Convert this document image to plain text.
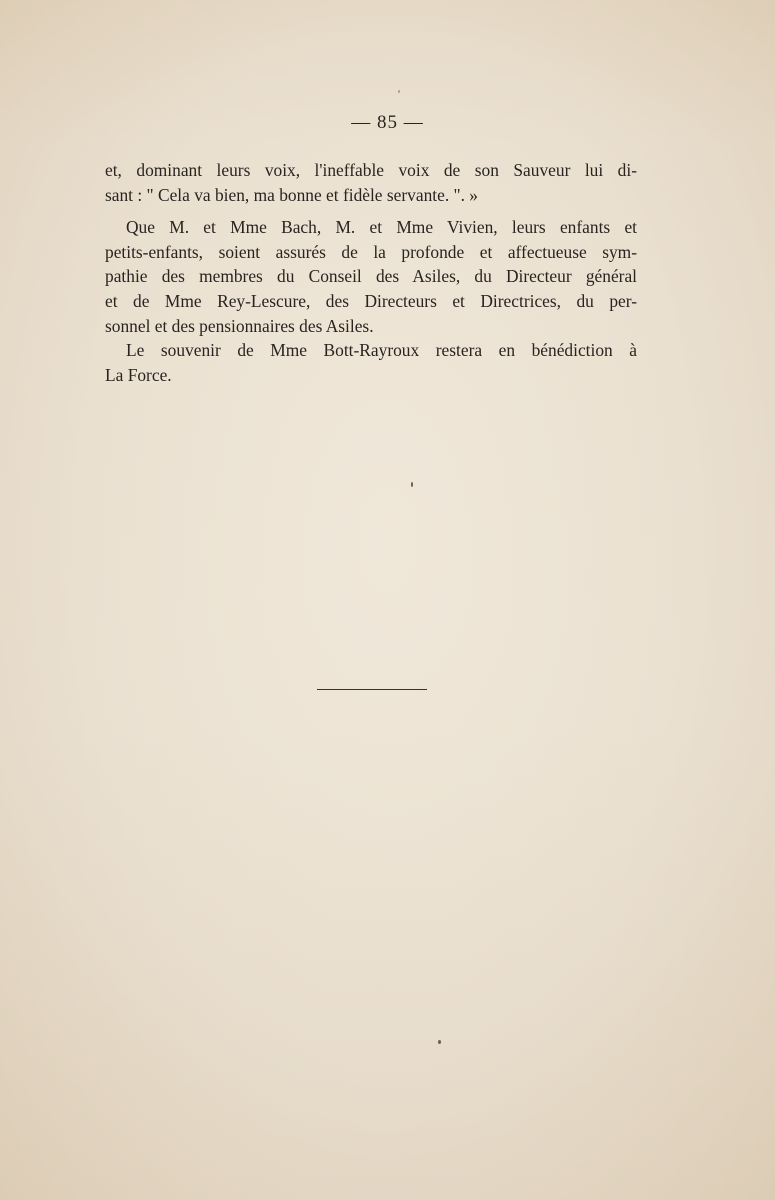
— 85 —
et, dominant leurs voix, l'ineffable voix de son Sauveur lui di-
sant : " Cela va bien, ma bonne et fidèle servante. ". »
Que M. et Mme Bach, M. et Mme Vivien, leurs enfants et
petits-enfants, soient assurés de la profonde et affectueuse sym-
pathie des membres du Conseil des Asiles, du Directeur général
et de Mme Rey-Lescure, des Directeurs et Directrices, du per-
sonnel et des pensionnaires des Asiles.
Le souvenir de Mme Bott-Rayroux restera en bénédiction à
La Force.
